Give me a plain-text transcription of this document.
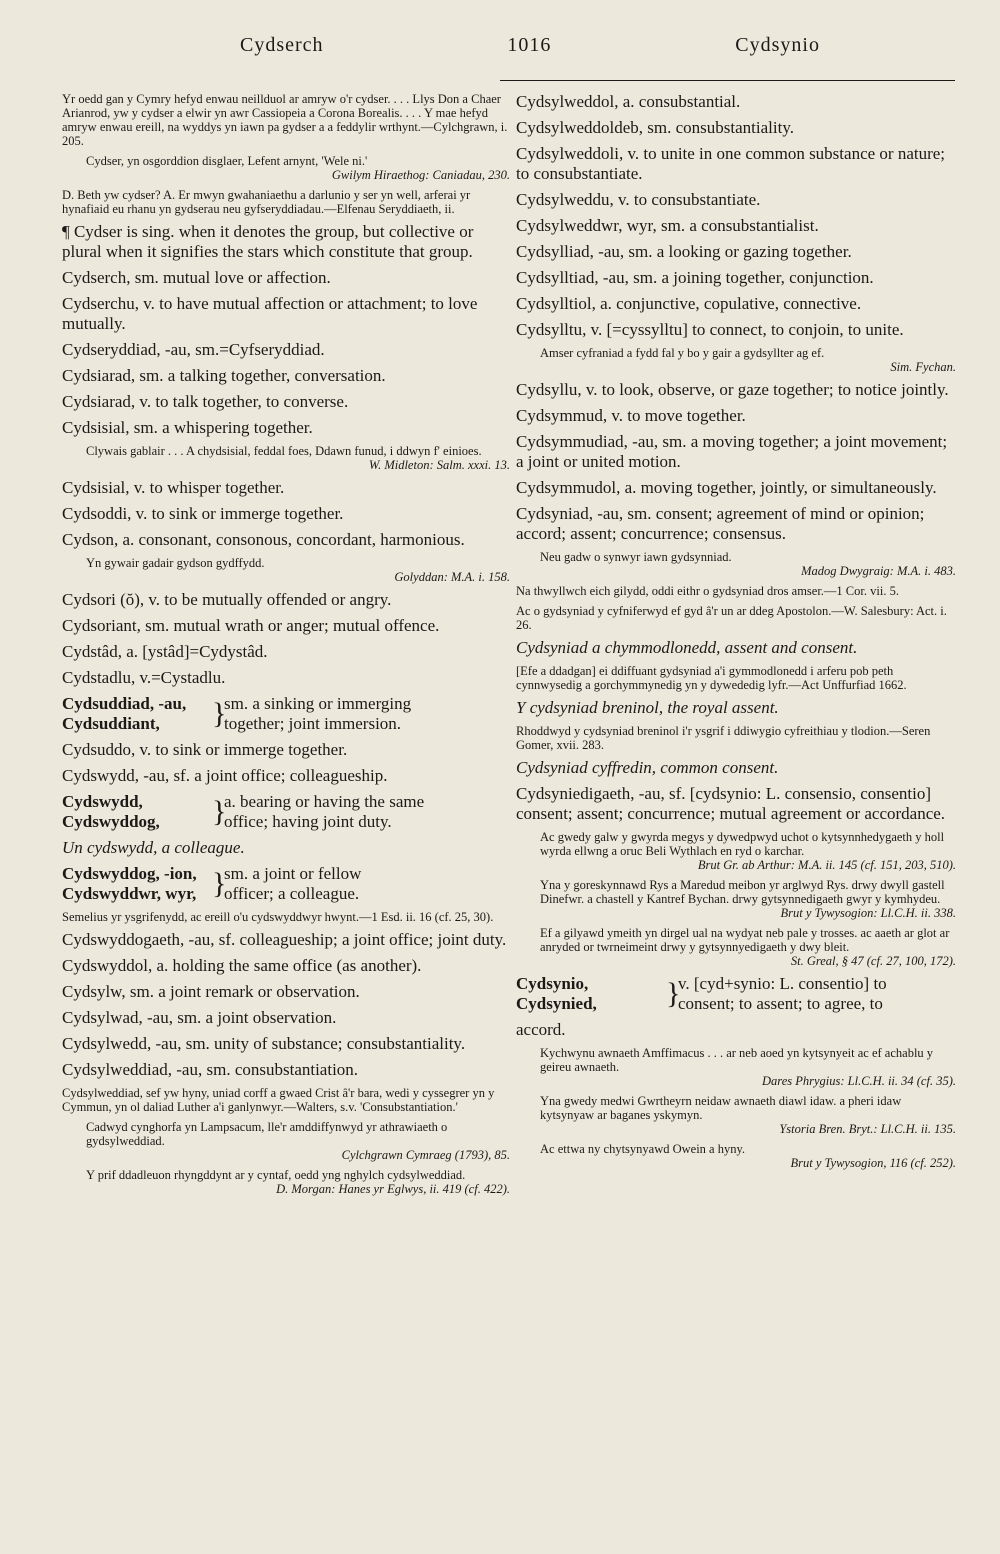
Cydserch	1016	Cydsynio

Yr oedd gan y Cymry hefyd enwau neillduol ar amryw o'r cydser. . . . Llys Don a Chaer Arianrod, yw y cydser a elwir yn awr Cassiopeia a Corona Borealis. . . . Y mae hefyd amryw enwau ereill, na wyddys yn iawn pa gydser a a feddylir wrthynt.—Cylchgrawn, i. 205.

Cydser, yn osgorddion disglaer, Lefent arnynt, 'Wele ni.'
Gwilym Hiraethog: Caniadau, 230.

D. Beth yw cydser? A. Er mwyn gwahaniaethu a darlunio y ser yn well, arferai yr hynafiaid eu rhanu yn gydserau neu gyfseryddiadau.—Elfenau Seryddiaeth, ii.

¶ Cydser is sing. when it denotes the group, but collective or plural when it signifies the stars which constitute that group.

Cydserch, sm. mutual love or affection.

Cydserchu, v. to have mutual affection or attachment; to love mutually.

Cydseryddiad, -au, sm.=Cyfseryddiad.

Cydsiarad, sm. a talking together, conversation.

Cydsiarad, v. to talk together, to converse.

Cydsisial, sm. a whispering together.

Clywais gablair . . . A chydsisial, feddal foes, Ddawn funud, i ddwyn f' einioes.
W. Midleton: Salm. xxxi. 13.

Cydsisial, v. to whisper together.

Cydsoddi, v. to sink or immerge together.

Cydson, a. consonant, consonous, concordant, harmonious.

Yn gywair gadair gydson gydffydd.
Golyddan: M.A. i. 158.

Cydsori (ŏ), v. to be mutually offended or angry.

Cydsoriant, sm. mutual wrath or anger; mutual offence.

Cydstâd, a. [ystâd]=Cydystâd.

Cydstadlu, v.=Cystadlu.

Cydsuddiad, -au,
Cydsuddiant,	}
sm. a sinking or immerging
together; joint immersion.

Cydsuddo, v. to sink or immerge together.

Cydswydd, -au, sf. a joint office; colleagueship.

Cydswydd,
Cydswyddog,	}
a. bearing or having the same
office; having joint duty.

Un cydswydd, a colleague.

Cydswyddog, -ion,
Cydswyddwr, wyr, }
sm. a joint or fellow
officer; a colleague.

Semelius yr ysgrifenydd, ac ereill o'u cydswyddwyr hwynt.—1 Esd. ii. 16 (cf. 25, 30).

Cydswyddogaeth, -au, sf. colleagueship; a joint office; joint duty.

Cydswyddol, a. holding the same office (as another).

Cydsylw, sm. a joint remark or observation.

Cydsylwad, -au, sm. a joint observation.

Cydsylwedd, -au, sm. unity of substance; consubstantiality.

Cydsylweddiad, -au, sm. consubstantiation.

Cydsylweddiad, sef yw hyny, uniad corff a gwaed Crist â'r bara, wedi y cyssegrer yn y Cymmun, yn ol daliad Luther a'i ganlynwyr.—Walters, s.v. 'Consubstantiation.'

Cadwyd cynghorfa yn Lampsacum, lle'r amddiffynwyd yr athrawiaeth o gydsylweddiad.
Cylchgrawn Cymraeg (1793), 85.
Y prif ddadleuon rhyngddynt ar y cyntaf, oedd yng nghylch cydsylweddiad.
D. Morgan: Hanes yr Eglwys, ii. 419 (cf. 422).

Cydsylweddol, a. consubstantial.

Cydsylweddoldeb, sm. consubstantiality.

Cydsylweddoli, v. to unite in one common substance or nature; to consubstantiate.

Cydsylweddu, v. to consubstantiate.

Cydsylweddwr, wyr, sm. a consubstantialist.

Cydsylliad, -au, sm. a looking or gazing together.

Cydsylltiad, -au, sm. a joining together, conjunction.

Cydsylltiol, a. conjunctive, copulative, connective.

Cydsylltu, v. [=cyssylltu] to connect, to conjoin, to unite.

Amser cyfraniad a fydd fal y bo y gair a gydsyllter ag ef.
Sim. Fychan.

Cydsyllu, v. to look, observe, or gaze together; to notice jointly.

Cydsymmud, v. to move together.

Cydsymmudiad, -au, sm. a moving together; a joint movement; a joint or united motion.

Cydsymmudol, a. moving together, jointly, or simultaneously.

Cydsyniad, -au, sm. consent; agreement of mind or opinion; accord; assent; concurrence; consensus.

Neu gadw o synwyr iawn gydsynniad.
Madog Dwygraig: M.A. i. 483.

Na thwyllwch eich gilydd, oddi eithr o gydsyniad dros amser.—1 Cor. vii. 5.

Ac o gydsyniad y cyfniferwyd ef gyd â'r un ar ddeg Apostolon.—W. Salesbury: Act. i. 26.

Cydsyniad a chymmodlonedd, assent and consent.

[Efe a ddadgan] ei ddiffuant gydsyniad a'i gymmodlonedd i arferu pob peth cynnwysedig a gorchymmynedig yn y dywededig lyfr.—Act Unffurfiad 1662.

Y cydsyniad breninol, the royal assent.

Rhoddwyd y cydsyniad breninol i'r ysgrif i ddiwygio cyfreithiau y tlodion.—Seren Gomer, xvii. 283.

Cydsyniad cyffredin, common consent.

Cydsyniedigaeth, -au, sf. [cydsynio: L. consensio, consentio] consent; assent; concurrence; mutual agreement or accordance.

Ac gwedy galw y gwyrda megys y dywedpwyd uchot o kytsynnhedygaeth y holl wyrda ellwng a oruc Beli Wythlach en ryd o karchar.
Brut Gr. ab Arthur: M.A. ii. 145 (cf. 151, 203, 510).
Yna y goreskynnawd Rys a Maredud meibon yr arglwyd Rys. drwy dwyll gastell Dinefwr. a chastell y Kantref Bychan. drwy gytsynnedigaeth gwyr y kymhydeu.
Brut y Tywysogion: Ll.C.H. ii. 338.
Ef a gilyawd ymeith yn dirgel ual na wydyat neb pale y trosses. ac aaeth ar glot ar anryded or twrneimeint drwy y gytsynnyedigaeth y dwy bleit.
St. Greal, § 47 (cf. 27, 100, 172).
Cydsynio,
Cydsynied,	}
v. [cyd+synio: L. consentio] to
consent; to assent; to agree, to

accord.

Kychwynu awnaeth Amffimacus . . . ar neb aoed yn kytsynyeit ac ef achablu y geireu awnaeth.
Dares Phrygius: Ll.C.H. ii. 34 (cf. 35).
Yna gwedy medwi Gwrtheyrn neidaw awnaeth diawl idaw. a pheri idaw kytsynyaw ar baganes yskymyn.
Ystoria Bren. Bryt.: Ll.C.H. ii. 135.
Ac ettwa ny chytsynyawd Owein a hyny.
Brut y Tywysogion, 116 (cf. 252).
